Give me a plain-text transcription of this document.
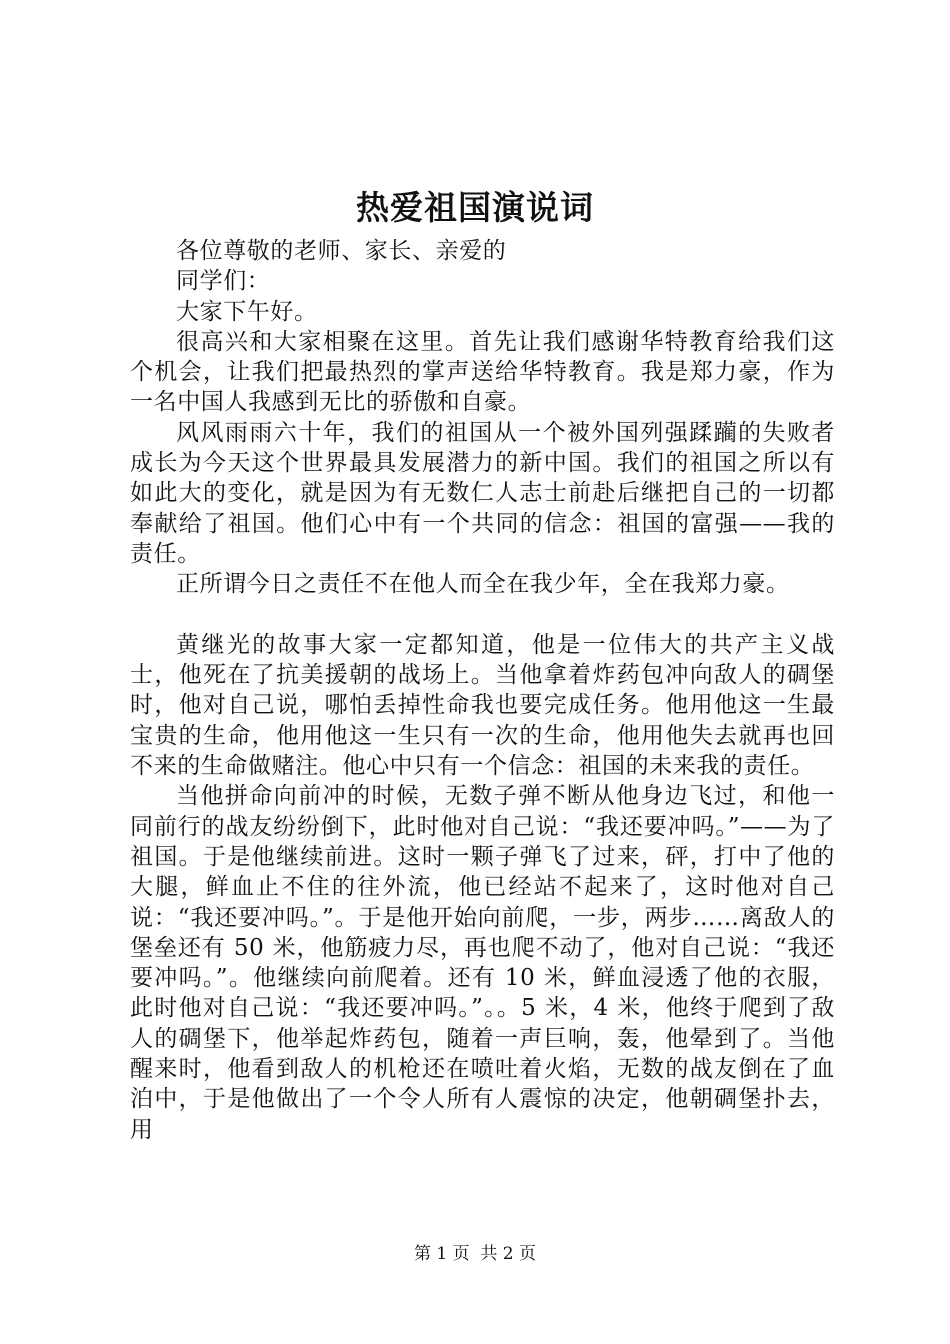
热爱祖国演说词

各位尊敬的老师、家长、亲爱的

同学们：

大家下午好。

很高兴和大家相聚在这里。首先让我们感谢华特教育给我们这个机会，让我们把最热烈的掌声送给华特教育。我是郑力豪，作为一名中国人我感到无比的骄傲和自豪。

风风雨雨六十年，我们的祖国从一个被外国列强蹂躏的失败者成长为今天这个世界最具发展潜力的新中国。我们的祖国之所以有如此大的变化，就是因为有无数仁人志士前赴后继把自己的一切都奉献给了祖国。他们心中有一个共同的信念：祖国的富强——我的责任。

正所谓今日之责任不在他人而全在我少年，全在我郑力豪。

黄继光的故事大家一定都知道，他是一位伟大的共产主义战士，他死在了抗美援朝的战场上。当他拿着炸药包冲向敌人的碉堡时，他对自己说，哪怕丢掉性命我也要完成任务。他用他这一生最宝贵的生命，他用他这一生只有一次的生命，他用他失去就再也回不来的生命做赌注。他心中只有一个信念：祖国的未来我的责任。

当他拼命向前冲的时候，无数子弹不断从他身边飞过，和他一同前行的战友纷纷倒下，此时他对自己说：“我还要冲吗。”——为了祖国。于是他继续前进。这时一颗子弹飞了过来，砰，打中了他的大腿，鲜血止不住的往外流，他已经站不起来了，这时他对自己说：“我还要冲吗。”。于是他开始向前爬，一步，两步……离敌人的堡垒还有 50 米，他筋疲力尽，再也爬不动了，他对自己说：“我还要冲吗。”。他继续向前爬着。还有 10 米，鲜血浸透了他的衣服，此时他对自己说：“我还要冲吗。”。。5 米，4 米，他终于爬到了敌人的碉堡下，他举起炸药包，随着一声巨响，轰，他晕到了。当他醒来时，他看到敌人的机枪还在喷吐着火焰，无数的战友倒在了血泊中，于是他做出了一个令人所有人震惊的决定，他朝碉堡扑去，用

第 1 页  共 2 页
